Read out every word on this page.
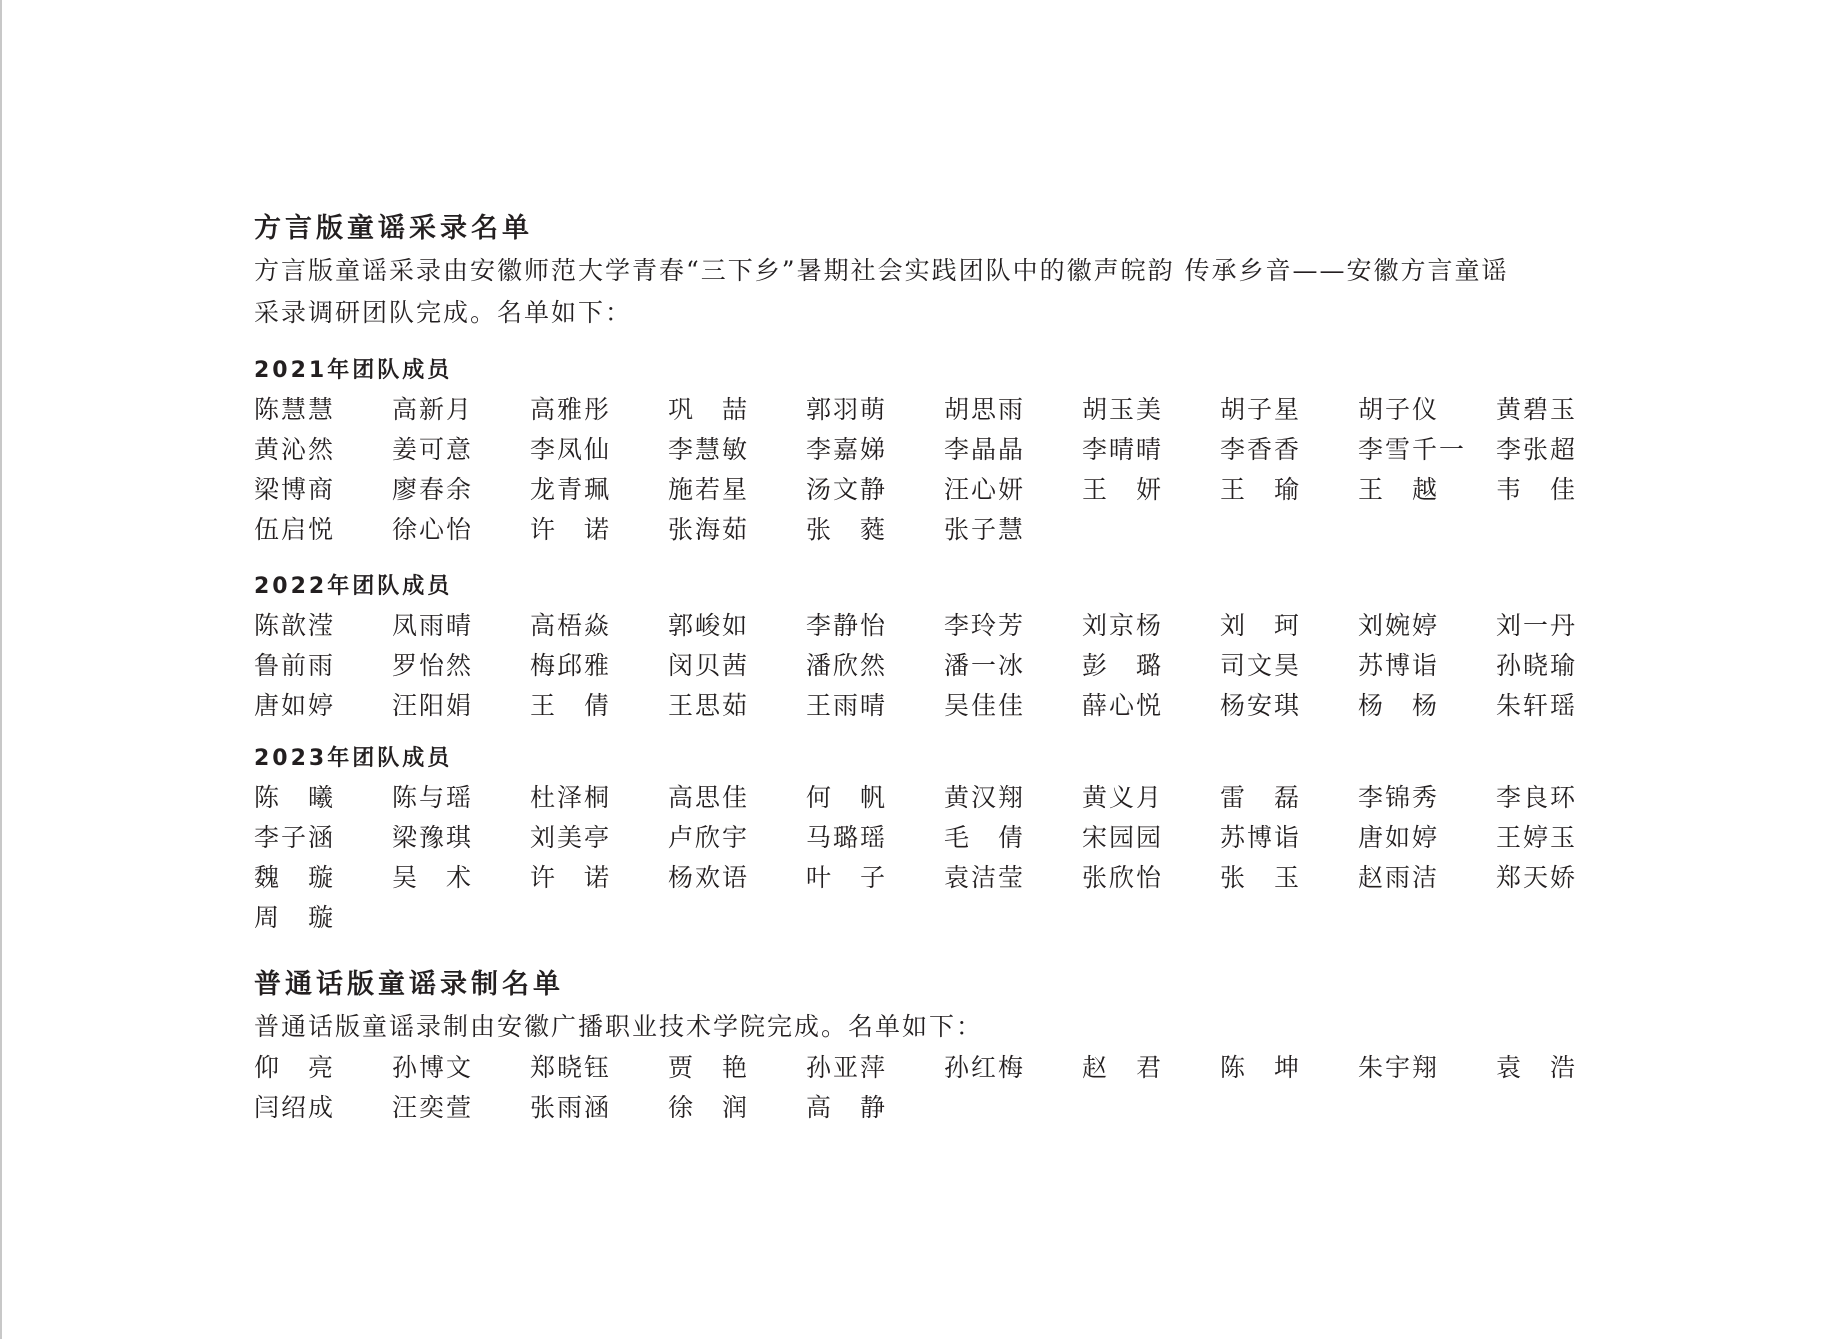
方言版童谣采录名单

方言版童谣采录由安徽师范大学青春“三下乡”暑期社会实践团队中的徽声皖韵 传承乡音——安徽方言童谣

采录调研团队完成。名单如下：

2021年团队成员
陈慧慧	高新月	高雅彤	巩　喆	郭羽萌	胡思雨	胡玉美	胡子星	胡子仪	黄碧玉
黄沁然	姜可意	李凤仙	李慧敏	李嘉娣	李晶晶	李晴晴	李香香	李雪千一	李张超
梁博商	廖春余	龙青珮	施若星	汤文静	汪心妍	王　妍	王　瑜	王　越	韦　佳
伍启悦	徐心怡	许　诺	张海茹	张　蕤	张子慧
2022年团队成员
陈歆滢	凤雨晴	高梧焱	郭峻如	李静怡	李玲芳	刘京杨	刘　珂	刘婉婷	刘一丹
鲁前雨	罗怡然	梅邱雅	闵贝茜	潘欣然	潘一冰	彭　璐	司文昊	苏博诣	孙晓瑜
唐如婷	汪阳娟	王　倩	王思茹	王雨晴	吴佳佳	薛心悦	杨安琪	杨　杨	朱轩瑶
2023年团队成员
陈　曦	陈与瑶	杜泽桐	高思佳	何　帆	黄汉翔	黄义月	雷　磊	李锦秀	李良环
李子涵	梁豫琪	刘美亭	卢欣宇	马璐瑶	毛　倩	宋园园	苏博诣	唐如婷	王婷玉
魏　璇	吴　术	许　诺	杨欢语	叶　子	袁洁莹	张欣怡	张　玉	赵雨洁	郑天娇
周　璇
普通话版童谣录制名单

普通话版童谣录制由安徽广播职业技术学院完成。名单如下：

仰　亮	孙博文	郑晓钰	贾　艳	孙亚萍	孙红梅	赵　君	陈　坤	朱宇翔	袁　浩
闫绍成	汪奕萱	张雨涵	徐　润	高　静
